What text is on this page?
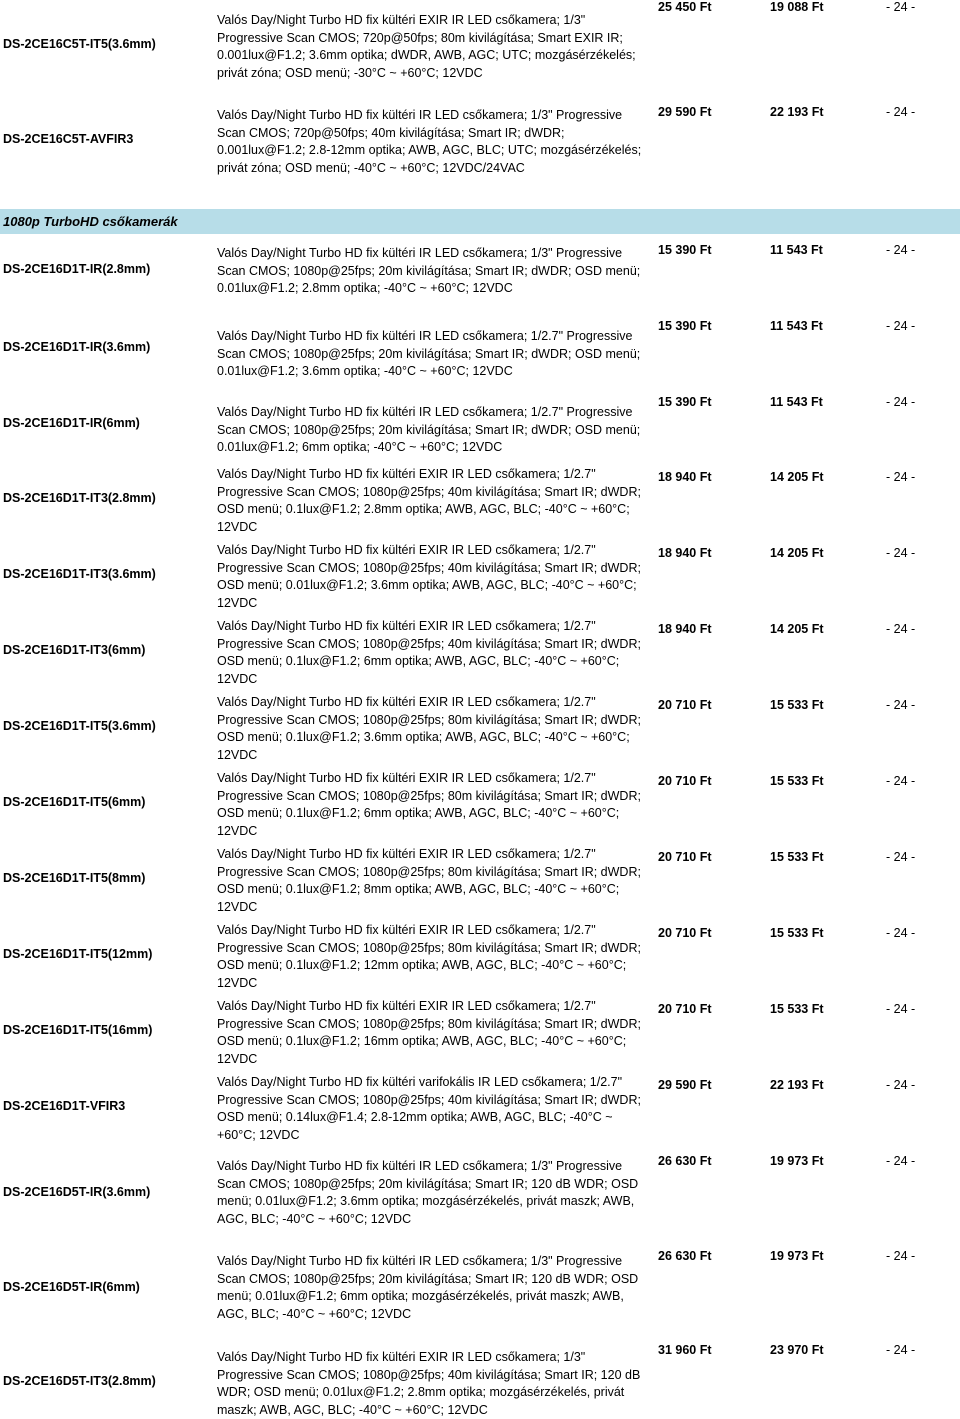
DS-2CE16C5T-IT5(3.6mm)
Valós Day/Night Turbo HD fix kültéri EXIR IR LED csőkamera; 1/3" Progressive Scan CMOS; 720p@50fps; 80m kivilágítása; Smart EXIR IR; 0.001lux@F1.2; 3.6mm optika; dWDR, AWB, AGC; UTC; mozgásérzékelés; privát zóna; OSD menü; -30°C ~ +60°C; 12VDC
25 450 Ft	19 088 Ft	- 24 -
DS-2CE16C5T-AVFIR3
Valós Day/Night Turbo HD fix kültéri IR LED csőkamera; 1/3" Progressive Scan CMOS; 720p@50fps; 40m kivilágítása; Smart IR; dWDR; 0.001lux@F1.2; 2.8-12mm optika; AWB, AGC, BLC; UTC; mozgásérzékelés; privát zóna; OSD menü; -40°C ~ +60°C; 12VDC/24VAC
29 590 Ft	22 193 Ft	- 24 -
DS-2CE16D1T-IR(2.8mm)
Valós Day/Night Turbo HD fix kültéri IR LED csőkamera; 1/3" Progressive Scan CMOS; 1080p@25fps; 20m kivilágítása; Smart IR; dWDR; OSD menü; 0.01lux@F1.2; 2.8mm optika; -40°C ~ +60°C; 12VDC
15 390 Ft	11 543 Ft	- 24 -
DS-2CE16D1T-IR(3.6mm)
Valós Day/Night Turbo HD fix kültéri IR LED csőkamera; 1/2.7" Progressive Scan CMOS; 1080p@25fps; 20m kivilágítása; Smart IR; dWDR; OSD menü; 0.01lux@F1.2; 3.6mm optika; -40°C ~ +60°C; 12VDC
15 390 Ft	11 543 Ft	- 24 -
DS-2CE16D1T-IR(6mm)
Valós Day/Night Turbo HD fix kültéri IR LED csőkamera; 1/2.7" Progressive Scan CMOS; 1080p@25fps; 20m kivilágítása; Smart IR; dWDR; OSD menü; 0.01lux@F1.2; 6mm optika; -40°C ~ +60°C; 12VDC
15 390 Ft	11 543 Ft	- 24 -
DS-2CE16D1T-IT3(2.8mm)
Valós Day/Night Turbo HD fix kültéri EXIR IR LED csőkamera; 1/2.7" Progressive Scan CMOS; 1080p@25fps; 40m kivilágítása; Smart IR; dWDR; OSD menü; 0.1lux@F1.2; 2.8mm optika; AWB, AGC, BLC; -40°C ~ +60°C; 12VDC
18 940 Ft	14 205 Ft	- 24 -
DS-2CE16D1T-IT3(3.6mm)
Valós Day/Night Turbo HD fix kültéri EXIR IR LED csőkamera; 1/2.7" Progressive Scan CMOS; 1080p@25fps; 40m kivilágítása; Smart IR; dWDR; OSD menü; 0.01lux@F1.2; 3.6mm optika; AWB, AGC, BLC; -40°C ~ +60°C; 12VDC
18 940 Ft	14 205 Ft	- 24 -
DS-2CE16D1T-IT3(6mm)
Valós Day/Night Turbo HD fix kültéri EXIR IR LED csőkamera; 1/2.7" Progressive Scan CMOS; 1080p@25fps; 40m kivilágítása; Smart IR; dWDR; OSD menü; 0.1lux@F1.2; 6mm optika; AWB, AGC, BLC; -40°C ~ +60°C; 12VDC
18 940 Ft	14 205 Ft	- 24 -
DS-2CE16D1T-IT5(3.6mm)
Valós Day/Night Turbo HD fix kültéri EXIR IR LED csőkamera; 1/2.7" Progressive Scan CMOS; 1080p@25fps; 80m kivilágítása; Smart IR; dWDR; OSD menü; 0.1lux@F1.2; 3.6mm optika; AWB, AGC, BLC; -40°C ~ +60°C; 12VDC
20 710 Ft	15 533 Ft	- 24 -
DS-2CE16D1T-IT5(6mm)
Valós Day/Night Turbo HD fix kültéri EXIR IR LED csőkamera; 1/2.7" Progressive Scan CMOS; 1080p@25fps; 80m kivilágítása; Smart IR; dWDR; OSD menü; 0.1lux@F1.2; 6mm optika; AWB, AGC, BLC; -40°C ~ +60°C; 12VDC
20 710 Ft	15 533 Ft	- 24 -
DS-2CE16D1T-IT5(8mm)
Valós Day/Night Turbo HD fix kültéri EXIR IR LED csőkamera; 1/2.7" Progressive Scan CMOS; 1080p@25fps; 80m kivilágítása; Smart IR; dWDR; OSD menü; 0.1lux@F1.2; 8mm optika; AWB, AGC, BLC; -40°C ~ +60°C; 12VDC
20 710 Ft	15 533 Ft	- 24 -
DS-2CE16D1T-IT5(12mm)
Valós Day/Night Turbo HD fix kültéri EXIR IR LED csőkamera; 1/2.7" Progressive Scan CMOS; 1080p@25fps; 80m kivilágítása; Smart IR; dWDR; OSD menü; 0.1lux@F1.2; 12mm optika; AWB, AGC, BLC; -40°C ~ +60°C; 12VDC
20 710 Ft	15 533 Ft	- 24 -
DS-2CE16D1T-IT5(16mm)
Valós Day/Night Turbo HD fix kültéri EXIR IR LED csőkamera; 1/2.7" Progressive Scan CMOS; 1080p@25fps; 80m kivilágítása; Smart IR; dWDR; OSD menü; 0.1lux@F1.2; 16mm optika; AWB, AGC, BLC; -40°C ~ +60°C; 12VDC
20 710 Ft	15 533 Ft	- 24 -
DS-2CE16D1T-VFIR3
Valós Day/Night Turbo HD fix kültéri varifokális IR LED csőkamera; 1/2.7" Progressive Scan CMOS; 1080p@25fps; 40m kivilágítása; Smart IR; dWDR; OSD menü; 0.14lux@F1.4; 2.8-12mm optika; AWB, AGC, BLC; -40°C ~ +60°C; 12VDC
29 590 Ft	22 193 Ft	- 24 -
DS-2CE16D5T-IR(3.6mm)
Valós Day/Night Turbo HD fix kültéri IR LED csőkamera; 1/3" Progressive Scan CMOS; 1080p@25fps; 20m kivilágítása; Smart IR; 120 dB WDR; OSD menü; 0.01lux@F1.2; 3.6mm optika; mozgásérzékelés, privát maszk; AWB, AGC, BLC; -40°C ~ +60°C; 12VDC
26 630 Ft	19 973 Ft	- 24 -
DS-2CE16D5T-IR(6mm)
Valós Day/Night Turbo HD fix kültéri IR LED csőkamera; 1/3" Progressive Scan CMOS; 1080p@25fps; 20m kivilágítása; Smart IR; 120 dB WDR; OSD menü; 0.01lux@F1.2; 6mm optika; mozgásérzékelés, privát maszk; AWB, AGC, BLC; -40°C ~ +60°C; 12VDC
26 630 Ft	19 973 Ft	- 24 -
DS-2CE16D5T-IT3(2.8mm)
Valós Day/Night Turbo HD fix kültéri EXIR IR LED csőkamera; 1/3" Progressive Scan CMOS; 1080p@25fps; 40m kivilágítása; Smart IR; 120 dB WDR; OSD menü; 0.01lux@F1.2; 2.8mm optika; mozgásérzékelés, privát maszk; AWB, AGC, BLC; -40°C ~ +60°C; 12VDC
31 960 Ft	23 970 Ft	- 24 -
1080p TurboHD csőkamerák
